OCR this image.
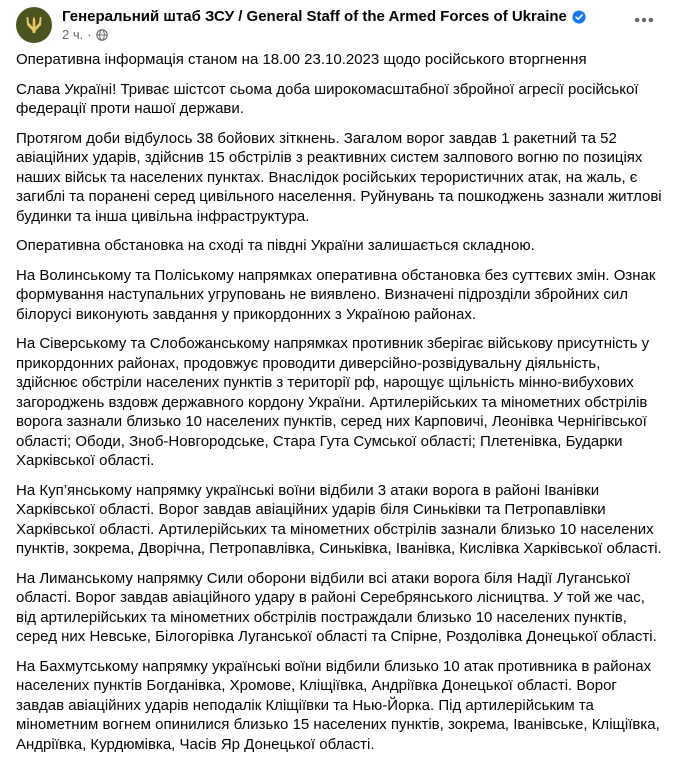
Генеральний штаб ЗСУ / General Staff of the Armed Forces of Ukraine
2 ч. ·

Оперативна інформація станом на 18.00 23.10.2023 щодо російського вторгнення

Слава Україні! Триває шістсот сьома доба широкомасштабної збройної агресії російської федерації проти нашої держави.

Протягом доби відбулось 38 бойових зіткнень. Загалом ворог завдав 1 ракетний та 52 авіаційних ударів, здійснив 15 обстрілів з реактивних систем залпового вогню по позиціях наших військ та населених пунктах. Внаслідок російських терористичних атак, на жаль, є загиблі та поранені серед цивільного населення. Руйнувань та пошкоджень зазнали житлові будинки та інша цивільна інфраструктура.

Оперативна обстановка на сході та півдні України залишається складною.

На Волинському та Поліському напрямках оперативна обстановка без суттєвих змін. Ознак формування наступальних угруповань не виявлено. Визначені підрозділи збройних сил білорусі виконують завдання у прикордонних з Україною районах.

На Сіверському та Слобожанському напрямках противник зберігає військову присутність у прикордонних районах, продовжує проводити диверсійно-розвідувальну діяльність, здійснює обстріли населених пунктів з території рф, нарощує щільність мінно-вибухових загороджень вздовж державного кордону України. Артилерійських та мінометних обстрілів ворога зазнали близько 10 населених пунктів, серед них Карповичі, Леонівка Чернігівської області; Ободи, Зноб-Новгородське, Стара Гута Сумської області; Плетенівка, Бударки Харківської області.

На Куп’янському напрямку українські воїни відбили 3 атаки ворога в районі Іванівки Харківської області. Ворог завдав авіаційних ударів біля Синьківки та Петропавлівки Харківської області. Артилерійських та мінометних обстрілів зазнали близько 10 населених пунктів, зокрема, Дворічна, Петропавлівка, Синьківка, Іванівка, Кислівка Харківської області.

На Лиманському напрямку Сили оборони відбили всі атаки ворога біля Надії Луганської області. Ворог завдав авіаційного удару в районі Серебрянського лісництва. У той же час, від артилерійських та мінометних обстрілів постраждали близько 10 населених пунктів, серед них Невське, Білогорівка Луганської області та Спірне, Роздолівка Донецької області.

На Бахмутському напрямку українські воїни відбили близько 10 атак противника в районах населених пунктів Богданівка, Хромове, Кліщіївка, Андріївка Донецької області. Ворог завдав авіаційних ударів неподалік Кліщіївки та Нью-Йорка. Під артилерійським та мінометним вогнем опинилися близько 15 населених пунктів, зокрема, Іванівське, Кліщіївка, Андріївка, Курдюмівка, Часів Яр Донецької області.
